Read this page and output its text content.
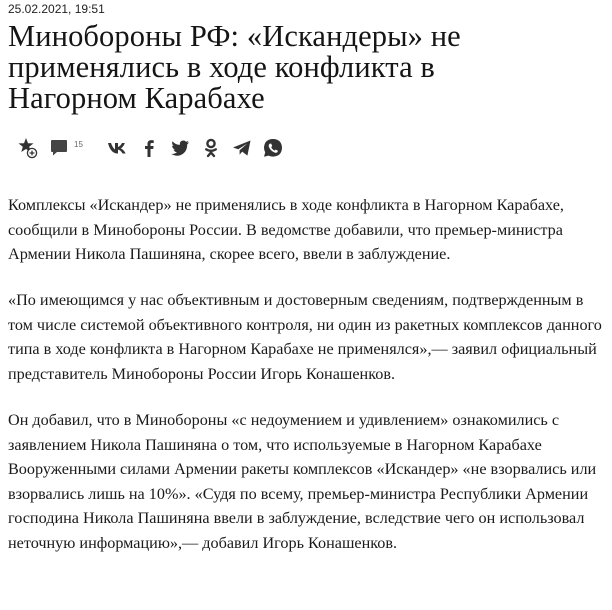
25.02.2021, 19:51
Минобороны РФ: «Искандеры» не применялись в ходе конфликта в Нагорном Карабахе
15

Комплексы «Искандер» не применялись в ходе конфликта в Нагорном Карабахе, сообщили в Минобороны России. В ведомстве добавили, что премьер-министра Армении Никола Пашиняна, скорее всего, ввели в заблуждение.

«По имеющимся у нас объективным и достоверным сведениям, подтвержденным в том числе системой объективного контроля, ни один из ракетных комплексов данного типа в ходе конфликта в Нагорном Карабахе не применялся»,— заявил официальный представитель Минобороны России Игорь Конашенков.

Он добавил, что в Минобороны «с недоумением и удивлением» ознакомились с заявлением Никола Пашиняна о том, что используемые в Нагорном Карабахе Вооруженными силами Армении ракеты комплексов «Искандер» «не взорвались или взорвались лишь на 10%». «Судя по всему, премьер-министра Республики Армении господина Никола Пашиняна ввели в заблуждение, вследствие чего он использовал неточную информацию»,— добавил Игорь Конашенков.
